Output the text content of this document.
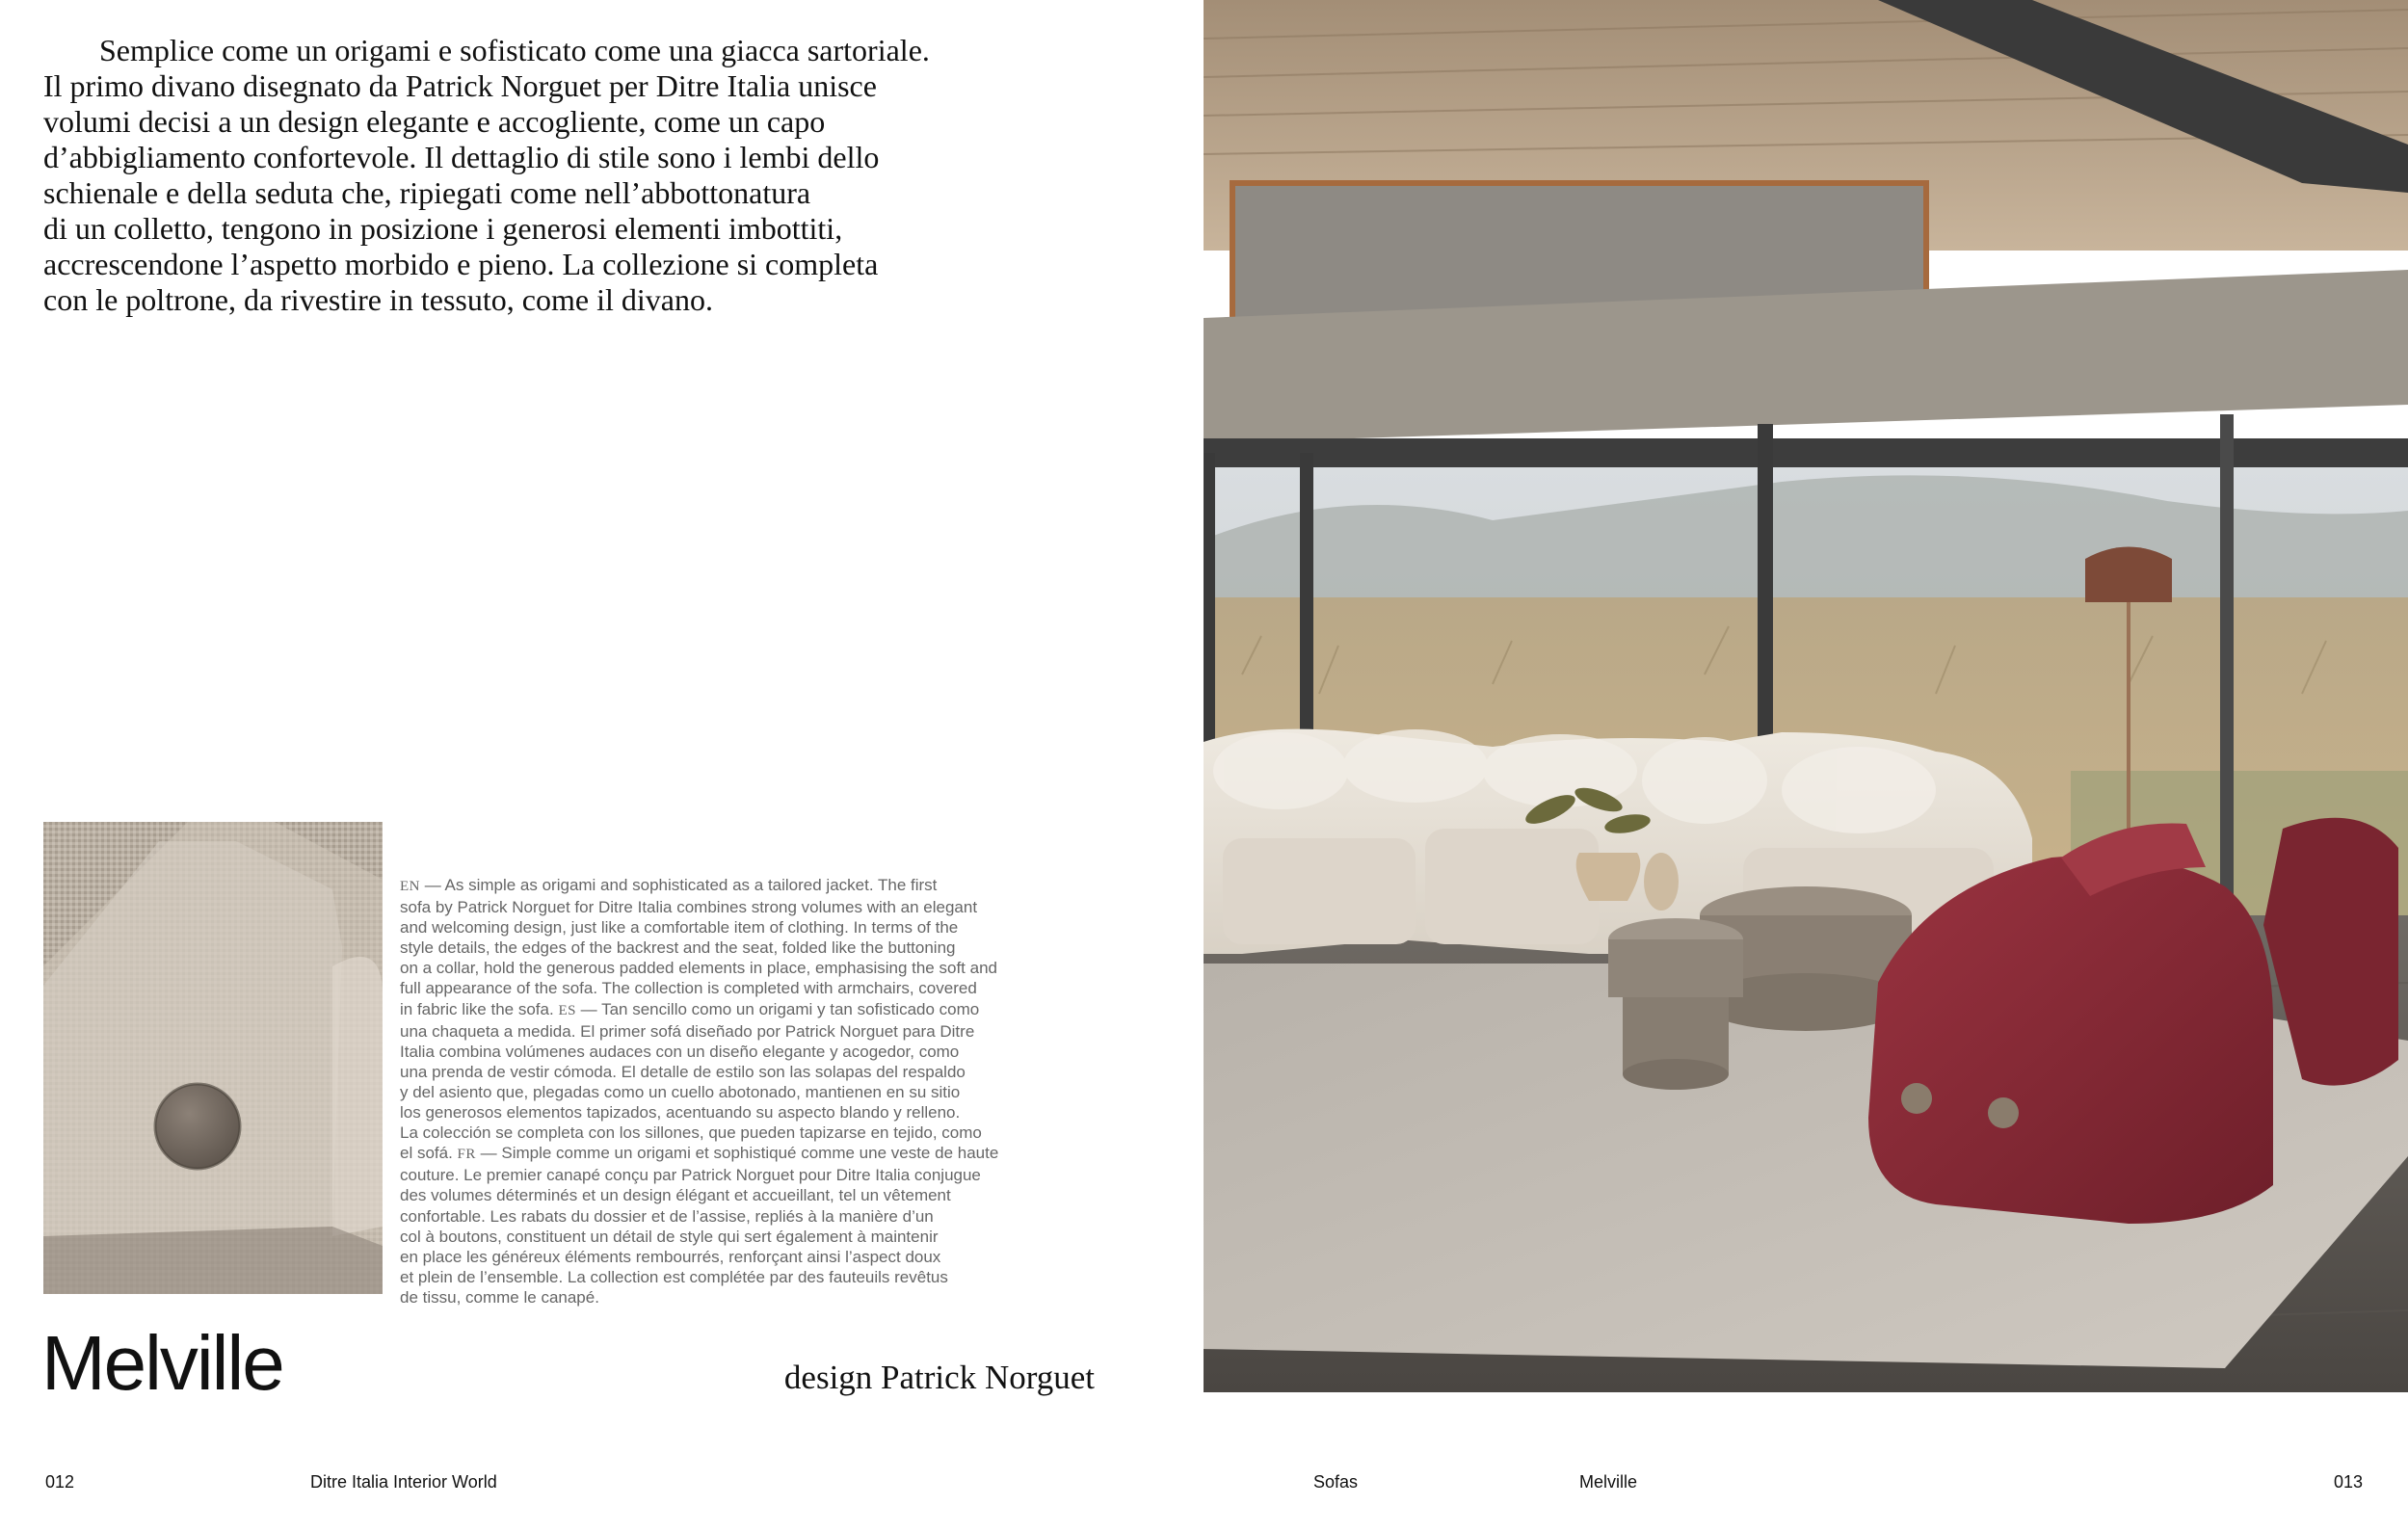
Semplice come un origami e sofisticato come una giacca sartoriale.
Il primo divano disegnato da Patrick Norguet per Ditre Italia unisce
volumi decisi a un design elegante e accogliente, come un capo
d’abbigliamento confortevole. Il dettaglio di stile sono i lembi dello
schienale e della seduta che, ripiegati come nell’abbottonatura
di un colletto, tengono in posizione i generosi elementi imbottiti,
accrescendone l’aspetto morbido e pieno. La collezione si completa
con le poltrone, da rivestire in tessuto, come il divano.

EN — As simple as origami and sophisticated as a tailored jacket. The first
sofa by Patrick Norguet for Ditre Italia combines strong volumes with an elegant
and welcoming design, just like a comfortable item of clothing. In terms of the
style details, the edges of the backrest and the seat, folded like the buttoning
on a collar, hold the generous padded elements in place, emphasising the soft and
full appearance of the sofa. The collection is completed with armchairs, covered
in fabric like the sofa. ES — Tan sencillo como un origami y tan sofisticado como
una chaqueta a medida. El primer sofá diseñado por Patrick Norguet para Ditre
Italia combina volúmenes audaces con un diseño elegante y acogedor, como
una prenda de vestir cómoda. El detalle de estilo son las solapas del respaldo
y del asiento que, plegadas como un cuello abotonado, mantienen en su sitio
los generosos elementos tapizados, acentuando su aspecto blando y relleno.
La colección se completa con los sillones, que pueden tapizarse en tejido, como
el sofá. FR — Simple comme un origami et sophistiqué comme une veste de haute
couture. Le premier canapé conçu par Patrick Norguet pour Ditre Italia conjugue
des volumes déterminés et un design élégant et accueillant, tel un vêtement
confortable. Les rabats du dossier et de l’assise, repliés à la manière d’un
col à boutons, constituent un détail de style qui sert également à maintenir
en place les généreux éléments rembourrés, renforçant ainsi l’aspect doux
et plein de l’ensemble. La collection est complétée par des fauteuils revêtus
de tissu, comme le canapé.

Melville	design Patrick Norguet
012	Ditre Italia Interior World	Sofas	Melville	013
